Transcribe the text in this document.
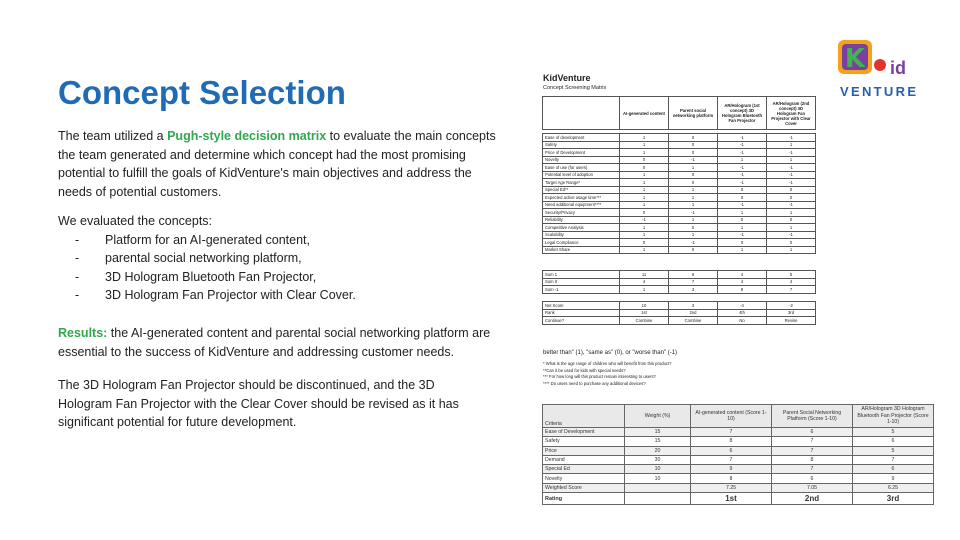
Concept Selection
The team utilized a Pugh-style decision matrix to evaluate the main concepts the team generated and determine which concept had the most promising potential to fulfill the goals of KidVenture's main objectives and address the needs of potential customers.
We evaluated the concepts:
- Platform for an AI-generated content,
- parental social networking platform,
- 3D Hologram Bluetooth Fan Projector,
- 3D Hologram Fan Projector with Clear Cover.
Results: the AI-generated content and parental social networking platform are essential to the success of KidVenture and addressing customer needs.
The 3D Hologram Fan Projector should be discontinued, and the 3D Hologram Fan Projector with the Clear Cover should be revised as it has significant potential for future development.
K id
VENTURE
KidVenture
Concept Screening Matrix
	AI-generated content	Parent social networking platform	AR/Hologram (1st concept) 3D Hologram Bluetooth Fan Projector	AR/Hologram (2nd concept) 3D Hologram Fan Projector with Clear Cover
Ease of development	1	0	-1	-1
Safety	1	0	-1	1
Price of Development	1	0	-1	-1
Novelty	0	-1	1	1
Ease of use (for users)	0	1	-1	-1
Potential level of adoption	1	0	-1	-1
Target Age Range*	1	0	-1	-1
Special Ed**	1	1	0	0
Expected active usage time***	1	1	0	0
Need additional equipment****	1	1	-1	-1
Security/Privacy	0	-1	1	1
Reliability	-1	1	0	0
Competitive Analysis	1	0	1	1
Scalability	1	1	-1	-1
Legal Compliance	0	-1	0	0
Market Share	1	0	1	1
Sum 1	11	6	4	5
Sum 0	4	7	4	4
Sum -1	1	3	8	7
Net Score	10	3	-4	-2
Rank	1st	2nd	4th	3rd
Continue?	Combine	Combine	No	Revise
better than" (1), "same as" (0), or "worse than" (-1)
* What is the age range of children who will benefit from this product?
**Can it be used for kids with special needs?
*** For how long will this product remain interesting to users?
**** Do users need to purchase any additional devices?
Criteria	Weight (%)	AI-generated content (Score 1-10)	Parent Social Networking Platform (Score 1-10)	AR/Hologram 3D Hologram Bluetooth Fan Projector (Score 1-10)
Ease of Development	15	7	6	5
Safety	15	8	7	6
Price	20	6	7	5
Demand	30	7	8	7
Special Ed	10	9	7	6
Novelty	10	8	6	9
Weighted Score		7.25	7.05	6.25
Rating		1st	2nd	3rd
